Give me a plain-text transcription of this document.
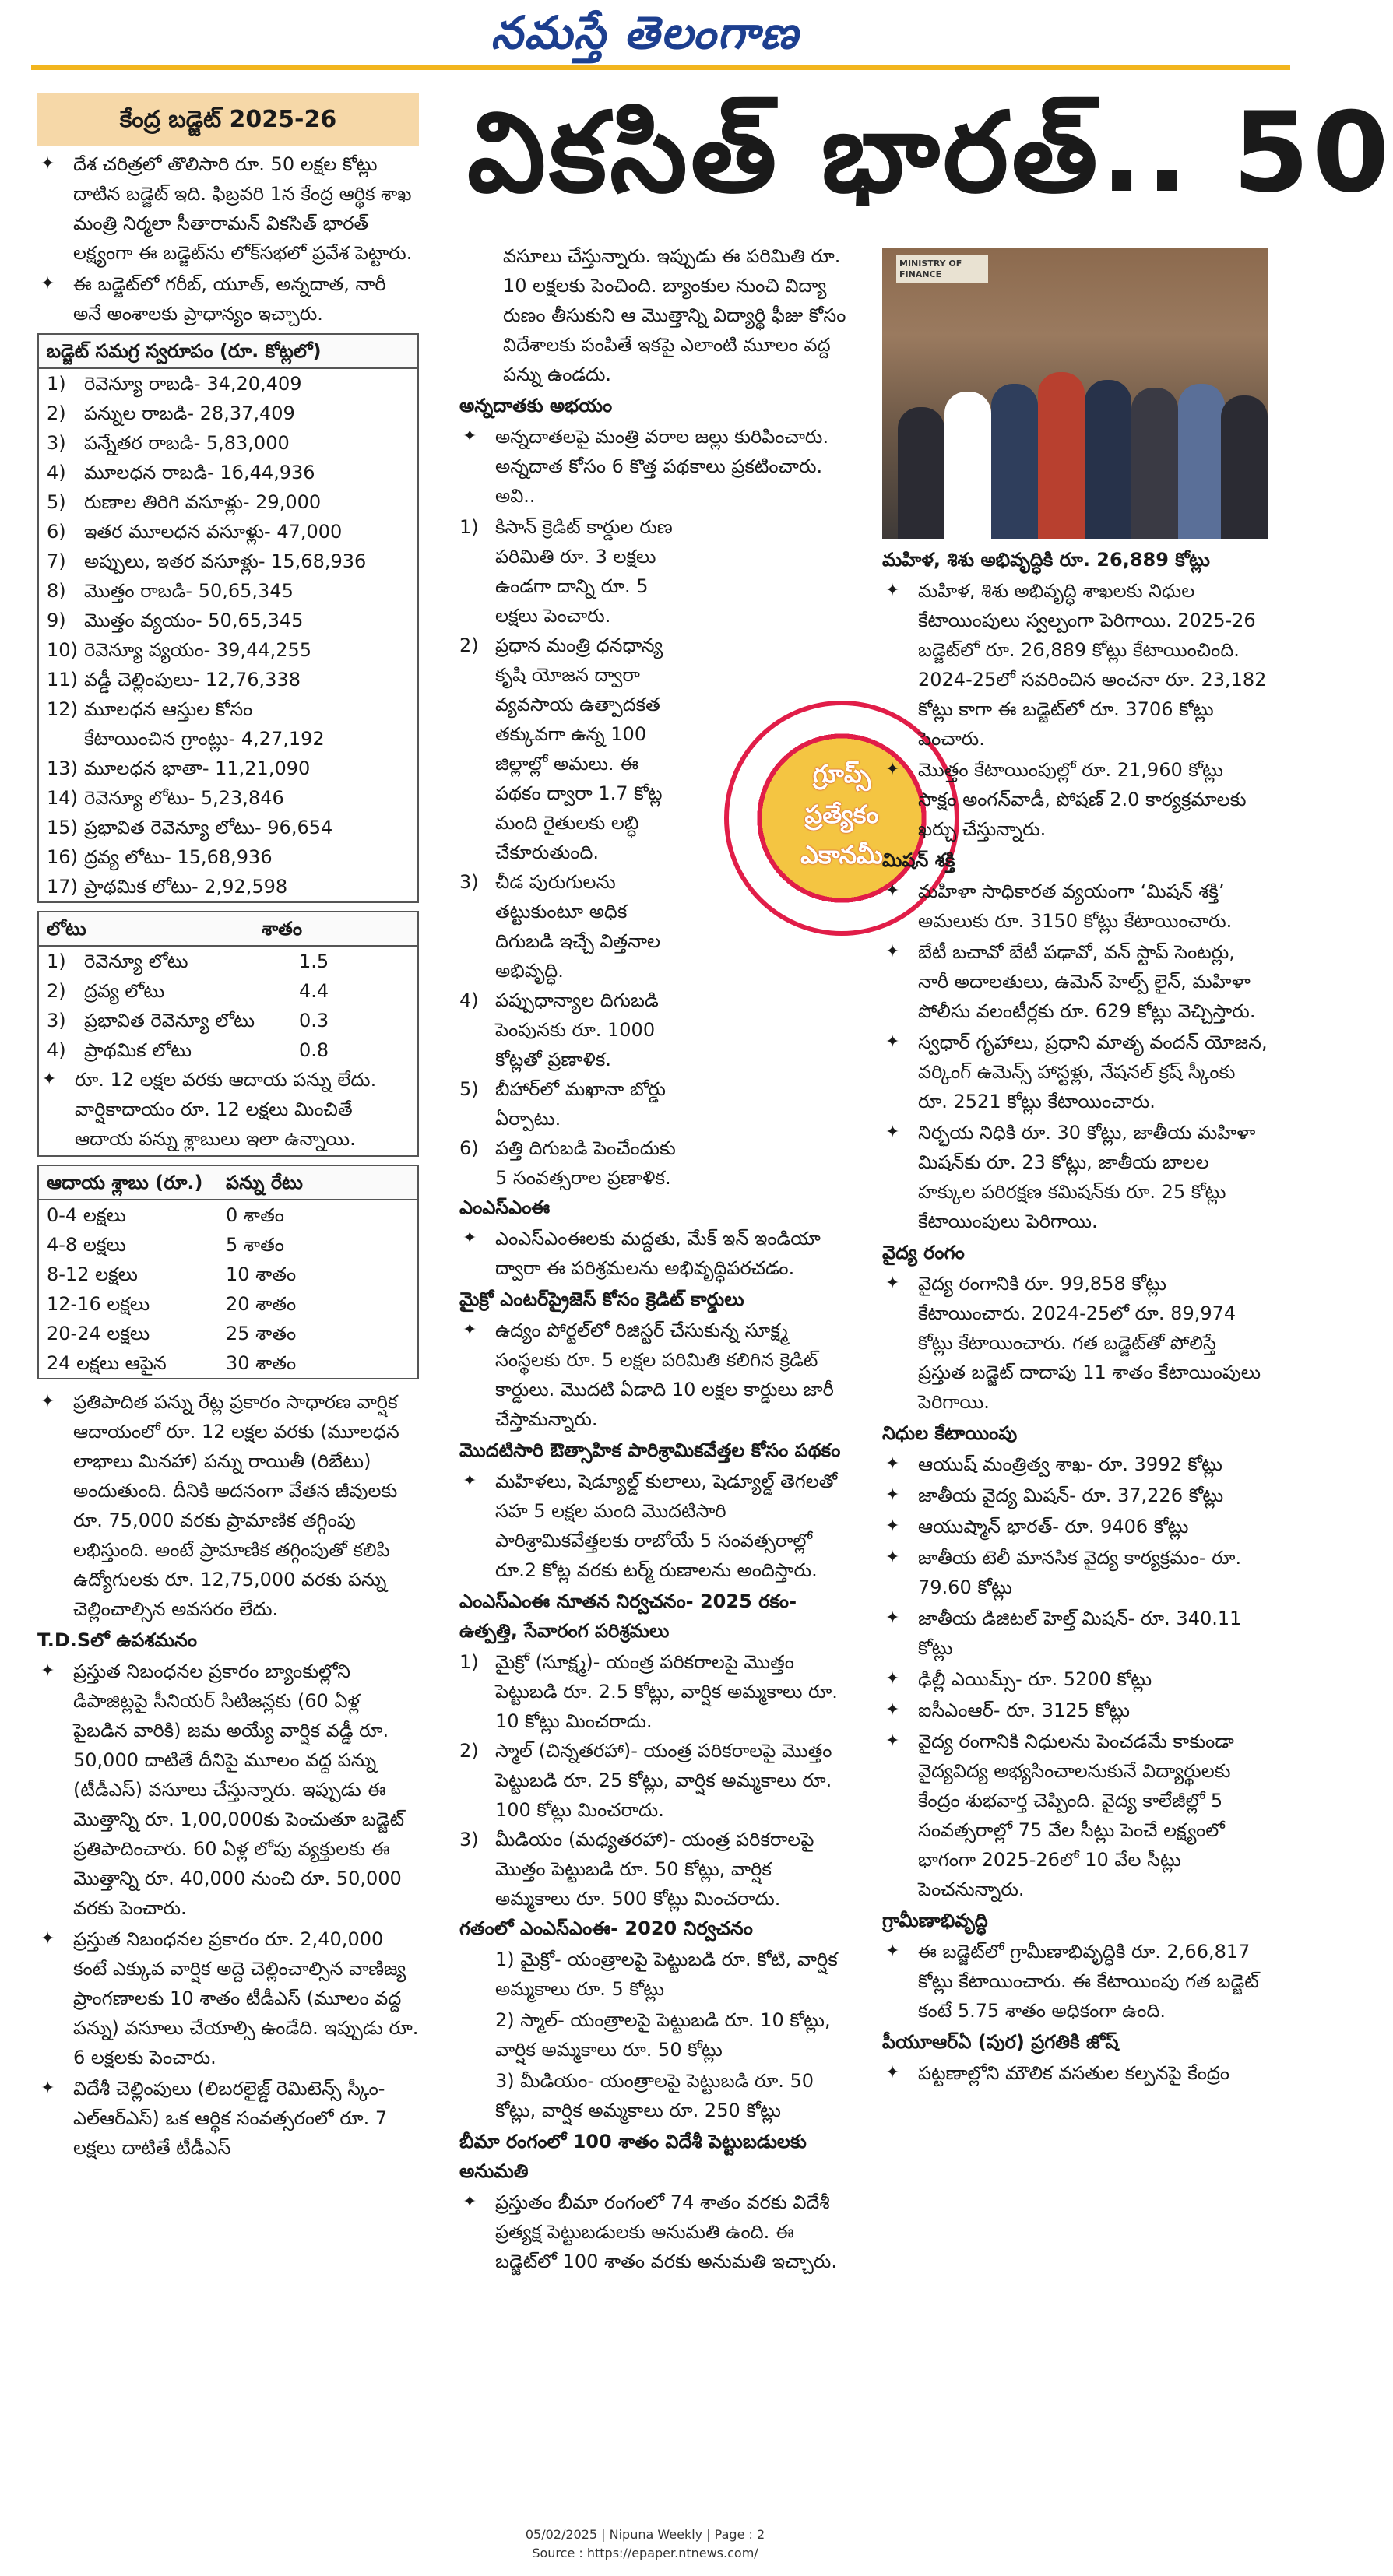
నమస్తే తెలంగాణ
కేంద్ర బడ్జెట్ 2025-26	వికసిత్ భారత్.. 50
MINISTRY OF FINANCE
గ్రూప్స్
ప్రత్యేకం
ఎకానమీ

✦ దేశ చరిత్రలో తొలిసారి రూ. 50 లక్షల కోట్లు దాటిన బడ్జెట్ ఇది. ఫిబ్రవరి 1న కేంద్ర ఆర్థిక శాఖ మంత్రి నిర్మలా సీతారామన్ వికసిత్ భారత్ లక్ష్యంగా ఈ బడ్జెట్‌ను లోక్‌సభలో ప్రవేశ పెట్టారు.

✦ ఈ బడ్జెట్‌లో గరీబ్, యూత్, అన్నదాత, నారీ అనే అంశాలకు ప్రాధాన్యం ఇచ్చారు.

బడ్జెట్ సమగ్ర స్వరూపం (రూ. కోట్లలో)
1) రెవెన్యూ రాబడి- 34,20,409
2) పన్నుల రాబడి- 28,37,409
3) పన్నేతర రాబడి- 5,83,000
4) మూలధన రాబడి- 16,44,936
5) రుణాల తిరిగి వసూళ్లు- 29,000
6) ఇతర మూలధన వసూళ్లు- 47,000
7) అప్పులు, ఇతర వసూళ్లు- 15,68,936
8) మొత్తం రాబడి- 50,65,345
9) మొత్తం వ్యయం- 50,65,345
10) రెవెన్యూ వ్యయం- 39,44,255
11) వడ్డీ చెల్లింపులు- 12,76,338
12) మూలధన ఆస్తుల కోసం
కేటాయించిన గ్రాంట్లు- 4,27,192
13) మూలధన భాతా- 11,21,090
14) రెవెన్యూ లోటు- 5,23,846
15) ప్రభావిత రెవెన్యూ లోటు- 96,654
16) ద్రవ్య లోటు- 15,68,936
17) ప్రాథమిక లోటు- 2,92,598
లోటు	శాతం
1) రెవెన్యూ లోటు	1.5
2) ద్రవ్య లోటు	4.4
3) ప్రభావిత రెవెన్యూ లోటు	0.3
4) ప్రాథమిక లోటు	0.8

✦ రూ. 12 లక్షల వరకు ఆదాయ పన్ను లేదు. వార్షికాదాయం రూ. 12 లక్షలు మించితే ఆదాయ పన్ను శ్లాబులు ఇలా ఉన్నాయి.

ఆదాయ శ్లాబు (రూ.)	పన్ను రేటు
0-4 లక్షలు	0 శాతం
4-8 లక్షలు	5 శాతం
8-12 లక్షలు	10 శాతం
12-16 లక్షలు	20 శాతం
20-24 లక్షలు	25 శాతం
24 లక్షలు ఆపైన	30 శాతం

✦ ప్రతిపాదిత పన్ను రేట్ల ప్రకారం సాధారణ వార్షిక ఆదాయంలో రూ. 12 లక్షల వరకు (మూలధన లాభాలు మినహా) పన్ను రాయితీ (రిబేటు) అందుతుంది. దీనికి అదనంగా వేతన జీవులకు రూ. 75,000 వరకు ప్రామాణిక తగ్గింపు లభిస్తుంది. అంటే ప్రామాణిక తగ్గింపుతో కలిపి ఉద్యోగులకు రూ. 12,75,000 వరకు పన్ను చెల్లించాల్సిన అవసరం లేదు.

T.D.Sలో ఉపశమనం

✦ ప్రస్తుత నిబంధనల ప్రకారం బ్యాంకుల్లోని డిపాజిట్లపై సీనియర్ సిటిజన్లకు (60 ఏళ్ల పైబడిన వారికి) జమ అయ్యే వార్షిక వడ్డీ రూ. 50,000 దాటితే దీనిపై మూలం వద్ద పన్ను (టీడీఎస్) వసూలు చేస్తున్నారు. ఇప్పుడు ఈ మొత్తాన్ని రూ. 1,00,000కు పెంచుతూ బడ్జెట్ ప్రతిపాదించారు. 60 ఏళ్ల లోపు వ్యక్తులకు ఈ మొత్తాన్ని రూ. 40,000 నుంచి రూ. 50,000 వరకు పెంచారు.

✦ ప్రస్తుత నిబంధనల ప్రకారం రూ. 2,40,000 కంటే ఎక్కువ వార్షిక అద్దె చెల్లించాల్సిన వాణిజ్య ప్రాంగణాలకు 10 శాతం టీడీఎస్ (మూలం వద్ద పన్ను) వసూలు చేయాల్సి ఉండేది. ఇప్పుడు రూ. 6 లక్షలకు పెంచారు.

✦ విదేశీ చెల్లింపులు (లిబరలైజ్డ్ రెమిటెన్స్ స్కీం- ఎల్‌ఆర్‌ఎస్) ఒక ఆర్థిక సంవత్సరంలో రూ. 7 లక్షలు దాటితే టీడీఎస్

వసూలు చేస్తున్నారు. ఇప్పుడు ఈ పరిమితి రూ. 10 లక్షలకు పెంచింది. బ్యాంకుల నుంచి విద్యా రుణం తీసుకుని ఆ మొత్తాన్ని విద్యార్థి ఫీజు కోసం విదేశాలకు పంపితే ఇకపై ఎలాంటి మూలం వద్ద పన్ను ఉండదు.

అన్నదాతకు అభయం

✦ అన్నదాతలపై మంత్రి వరాల జల్లు కురిపించారు. అన్నదాత కోసం 6 కొత్త పథకాలు ప్రకటించారు. అవి..

1) కిసాన్ క్రెడిట్ కార్డుల రుణ పరిమితి రూ. 3 లక్షలు ఉండగా దాన్ని రూ. 5 లక్షలు పెంచారు.
2) ప్రధాన మంత్రి ధనధాన్య కృషి యోజన ద్వారా వ్యవసాయ ఉత్పాదకత తక్కువగా ఉన్న 100 జిల్లాల్లో అమలు. ఈ పథకం ద్వారా 1.7 కోట్ల మంది రైతులకు లబ్ధి చేకూరుతుంది.
3) చీడ పురుగులను తట్టుకుంటూ అధిక దిగుబడి ఇచ్చే విత్తనాల అభివృద్ధి.
4) పప్పుధాన్యాల దిగుబడి పెంపునకు రూ. 1000 కోట్లతో ప్రణాళిక.
5) బీహార్‌లో మఖానా బోర్డు ఏర్పాటు.
6) పత్తి దిగుబడి పెంచేందుకు 5 సంవత్సరాల ప్రణాళిక.

ఎంఎస్‌ఎంఈ

✦ ఎంఎస్‌ఎంఈలకు మద్దతు, మేక్ ఇన్ ఇండియా ద్వారా ఈ పరిశ్రమలను అభివృద్ధిపరచడం.

మైక్రో ఎంటర్‌ప్రైజెస్ కోసం క్రెడిట్ కార్డులు

✦ ఉద్యం పోర్టల్‌లో రిజిస్టర్ చేసుకున్న సూక్ష్మ సంస్థలకు రూ. 5 లక్షల పరిమితి కలిగిన క్రెడిట్ కార్డులు. మొదటి ఏడాది 10 లక్షల కార్డులు జారీ చేస్తామన్నారు.

మొదటిసారి ఔత్సాహిక పారిశ్రామికవేత్తల కోసం పథకం

✦ మహిళలు, షెడ్యూల్డ్ కులాలు, షెడ్యూల్డ్ తెగలతో సహ 5 లక్షల మంది మొదటిసారి పారిశ్రామికవేత్తలకు రాబోయే 5 సంవత్సరాల్లో రూ.2 కోట్ల వరకు టర్మ్ రుణాలను అందిస్తారు.

ఎంఎస్‌ఎంఈ నూతన నిర్వచనం- 2025 రకం- ఉత్పత్తి, సేవారంగ పరిశ్రమలు

1) మైక్రో (సూక్ష్మ)- యంత్ర పరికరాలపై మొత్తం పెట్టుబడి రూ. 2.5 కోట్లు, వార్షిక అమ్మకాలు రూ. 10 కోట్లు మించరాదు.
2) స్మాల్ (చిన్నతరహా)- యంత్ర పరికరాలపై మొత్తం పెట్టుబడి రూ. 25 కోట్లు, వార్షిక అమ్మకాలు రూ. 100 కోట్లు మించరాదు.
3) మీడియం (మధ్యతరహా)- యంత్ర పరికరాలపై మొత్తం పెట్టుబడి రూ. 50 కోట్లు, వార్షిక అమ్మకాలు రూ. 500 కోట్లు మించరాదు.

గతంలో ఎంఎస్‌ఎంఈ- 2020 నిర్వచనం

1) మైక్రో- యంత్రాలపై పెట్టుబడి రూ. కోటి, వార్షిక అమ్మకాలు రూ. 5 కోట్లు

2) స్మాల్- యంత్రాలపై పెట్టుబడి రూ. 10 కోట్లు, వార్షిక అమ్మకాలు రూ. 50 కోట్లు

3) మీడియం- యంత్రాలపై పెట్టుబడి రూ. 50 కోట్లు, వార్షిక అమ్మకాలు రూ. 250 కోట్లు

బీమా రంగంలో 100 శాతం విదేశీ పెట్టుబడులకు అనుమతి

✦ ప్రస్తుతం బీమా రంగంలో 74 శాతం వరకు విదేశీ ప్రత్యక్ష పెట్టుబడులకు అనుమతి ఉంది. ఈ బడ్జెట్‌లో 100 శాతం వరకు అనుమతి ఇచ్చారు.

మహిళ, శిశు అభివృద్ధికి రూ. 26,889 కోట్లు

✦ మహిళ, శిశు అభివృద్ధి శాఖలకు నిధుల కేటాయింపులు స్వల్పంగా పెరిగాయి. 2025-26 బడ్జెట్‌లో రూ. 26,889 కోట్లు కేటాయించింది. 2024-25లో సవరించిన అంచనా రూ. 23,182 కోట్లు కాగా ఈ బడ్జెట్‌లో రూ. 3706 కోట్లు పెంచారు.

✦ మొత్తం కేటాయింపుల్లో రూ. 21,960 కోట్లు సాక్షం అంగన్‌వాడీ, పోషణ్ 2.0 కార్యక్రమాలకు ఖర్చు చేస్తున్నారు.

మిషన్ శక్తి

✦ మహిళా సాధికారత వ్యయంగా ‘మిషన్ శక్తి’ అమలుకు రూ. 3150 కోట్లు కేటాయించారు.

✦ బేటీ బచావో బేటీ పఢావో, వన్ స్టాప్ సెంటర్లు, నారీ అదాలతులు, ఉమెన్ హెల్ప్ లైన్, మహిళా పోలీసు వలంటీర్లకు రూ. 629 కోట్లు వెచ్చిస్తారు.

✦ స్వధార్ గృహాలు, ప్రధాని మాతృ వందన్ యోజన, వర్కింగ్ ఉమెన్స్ హాస్టళ్లు, నేషనల్ క్రష్ స్కీంకు రూ. 2521 కోట్లు కేటాయించారు.

✦ నిర్భయ నిధికి రూ. 30 కోట్లు, జాతీయ మహిళా మిషన్‌కు రూ. 23 కోట్లు, జాతీయ బాలల హక్కుల పరిరక్షణ కమిషన్‌కు రూ. 25 కోట్లు కేటాయింపులు పెరిగాయి.

వైద్య రంగం

✦ వైద్య రంగానికి రూ. 99,858 కోట్లు కేటాయించారు. 2024-25లో రూ. 89,974 కోట్లు కేటాయించారు. గత బడ్జెట్‌తో పోలిస్తే ప్రస్తుత బడ్జెట్ దాదాపు 11 శాతం కేటాయింపులు పెరిగాయి.

నిధుల కేటాయింపు

✦ ఆయుష్ మంత్రిత్వ శాఖ- రూ. 3992 కోట్లు

✦ జాతీయ వైద్య మిషన్- రూ. 37,226 కోట్లు

✦ ఆయుష్మాన్ భారత్- రూ. 9406 కోట్లు

✦ జాతీయ టెలీ మానసిక వైద్య కార్యక్రమం- రూ. 79.60 కోట్లు

✦ జాతీయ డిజిటల్ హెల్త్ మిషన్- రూ. 340.11 కోట్లు

✦ ఢిల్లీ ఎయిమ్స్- రూ. 5200 కోట్లు

✦ ఐసీఎంఆర్- రూ. 3125 కోట్లు

✦ వైద్య రంగానికి నిధులను పెంచడమే కాకుండా వైద్యవిద్య అభ్యసించాలనుకునే విద్యార్థులకు కేంద్రం శుభవార్త చెప్పింది. వైద్య కాలేజీల్లో 5 సంవత్సరాల్లో 75 వేల సీట్లు పెంచే లక్ష్యంలో భాగంగా 2025-26లో 10 వేల సీట్లు పెంచనున్నారు.

గ్రామీణాభివృద్ధి

✦ ఈ బడ్జెట్‌లో గ్రామీణాభివృద్ధికి రూ. 2,66,817 కోట్లు కేటాయించారు. ఈ కేటాయింపు గత బడ్జెట్ కంటే 5.75 శాతం అధికంగా ఉంది.

పీయూఆర్ఏ (పుర) ప్రగతికి జోష్

✦ పట్టణాల్లోని మౌలిక వసతుల కల్పనపై కేంద్రం

05/02/2025 | Nipuna Weekly | Page : 2
Source : https://epaper.ntnews.com/
